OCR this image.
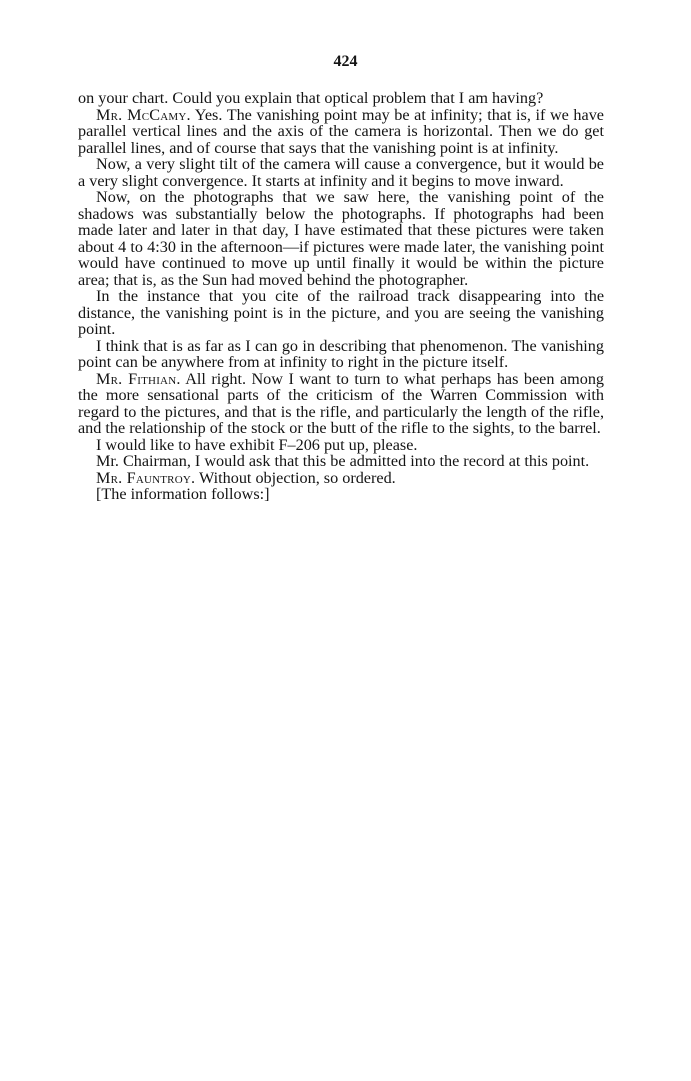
424

on your chart. Could you explain that optical problem that I am having?

Mr. McCamy. Yes. The vanishing point may be at infinity; that is, if we have parallel vertical lines and the axis of the camera is horizontal. Then we do get parallel lines, and of course that says that the vanishing point is at infinity.

Now, a very slight tilt of the camera will cause a convergence, but it would be a very slight convergence. It starts at infinity and it begins to move inward.

Now, on the photographs that we saw here, the vanishing point of the shadows was substantially below the photographs. If photographs had been made later and later in that day, I have estimated that these pictures were taken about 4 to 4:30 in the afternoon—if pictures were made later, the vanishing point would have continued to move up until finally it would be within the picture area; that is, as the Sun had moved behind the photographer.

In the instance that you cite of the railroad track disappearing into the distance, the vanishing point is in the picture, and you are seeing the vanishing point.

I think that is as far as I can go in describing that phenomenon. The vanishing point can be anywhere from at infinity to right in the picture itself.

Mr. Fithian. All right. Now I want to turn to what perhaps has been among the more sensational parts of the criticism of the Warren Commission with regard to the pictures, and that is the rifle, and particularly the length of the rifle, and the relationship of the stock or the butt of the rifle to the sights, to the barrel.

I would like to have exhibit F–206 put up, please.

Mr. Chairman, I would ask that this be admitted into the record at this point.

Mr. Fauntroy. Without objection, so ordered.

[The information follows:]
